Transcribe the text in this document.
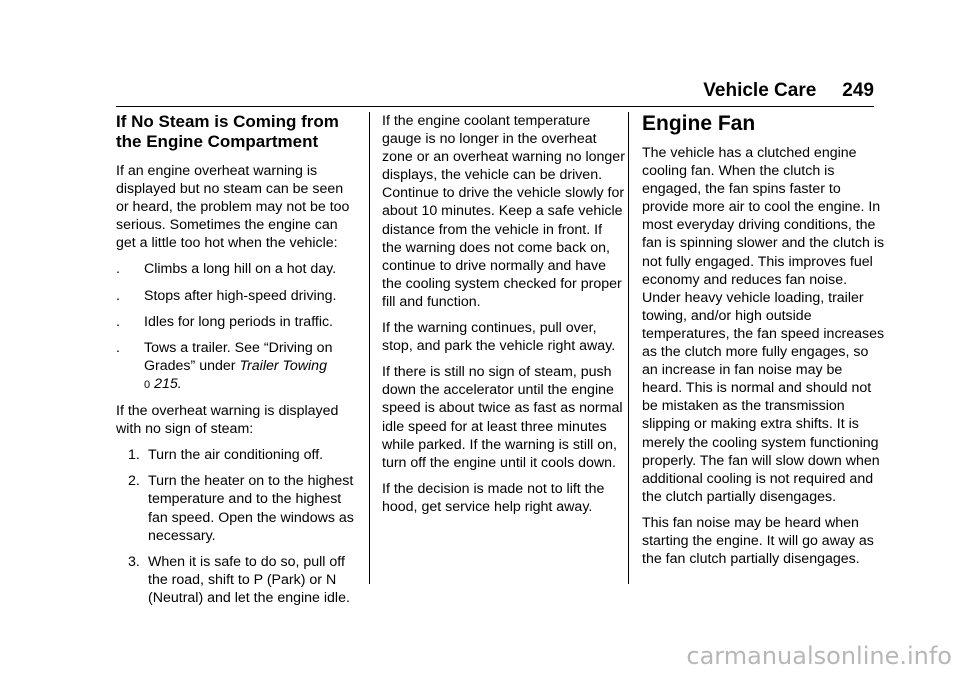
Vehicle Care 249
If No Steam is Coming from the Engine Compartment

If an engine overheat warning is displayed but no steam can be seen or heard, the problem may not be too serious. Sometimes the engine can get a little too hot when the vehicle:

. Climbs a long hill on a hot day.
. Stops after high-speed driving.
. Idles for long periods in traffic.
. Tows a trailer. See “Driving on Grades” under Trailer Towing
0 215.

If the overheat warning is displayed with no sign of steam:

1. Turn the air conditioning off.
2. Turn the heater on to the highest temperature and to the highest fan speed. Open the windows as necessary.
3. When it is safe to do so, pull off the road, shift to P (Park) or N (Neutral) and let the engine idle.

If the engine coolant temperature gauge is no longer in the overheat zone or an overheat warning no longer displays, the vehicle can be driven. Continue to drive the vehicle slowly for about 10 minutes. Keep a safe vehicle distance from the vehicle in front. If the warning does not come back on, continue to drive normally and have the cooling system checked for proper fill and function.

If the warning continues, pull over, stop, and park the vehicle right away.

If there is still no sign of steam, push down the accelerator until the engine speed is about twice as fast as normal idle speed for at least three minutes while parked. If the warning is still on, turn off the engine until it cools down.

If the decision is made not to lift the hood, get service help right away.

Engine Fan

The vehicle has a clutched engine cooling fan. When the clutch is engaged, the fan spins faster to provide more air to cool the engine. In most everyday driving conditions, the fan is spinning slower and the clutch is not fully engaged. This improves fuel economy and reduces fan noise. Under heavy vehicle loading, trailer towing, and/or high outside temperatures, the fan speed increases as the clutch more fully engages, so an increase in fan noise may be heard. This is normal and should not be mistaken as the transmission slipping or making extra shifts. It is merely the cooling system functioning properly. The fan will slow down when additional cooling is not required and the clutch partially disengages.

This fan noise may be heard when starting the engine. It will go away as the fan clutch partially disengages.

carmanualsonline.info
